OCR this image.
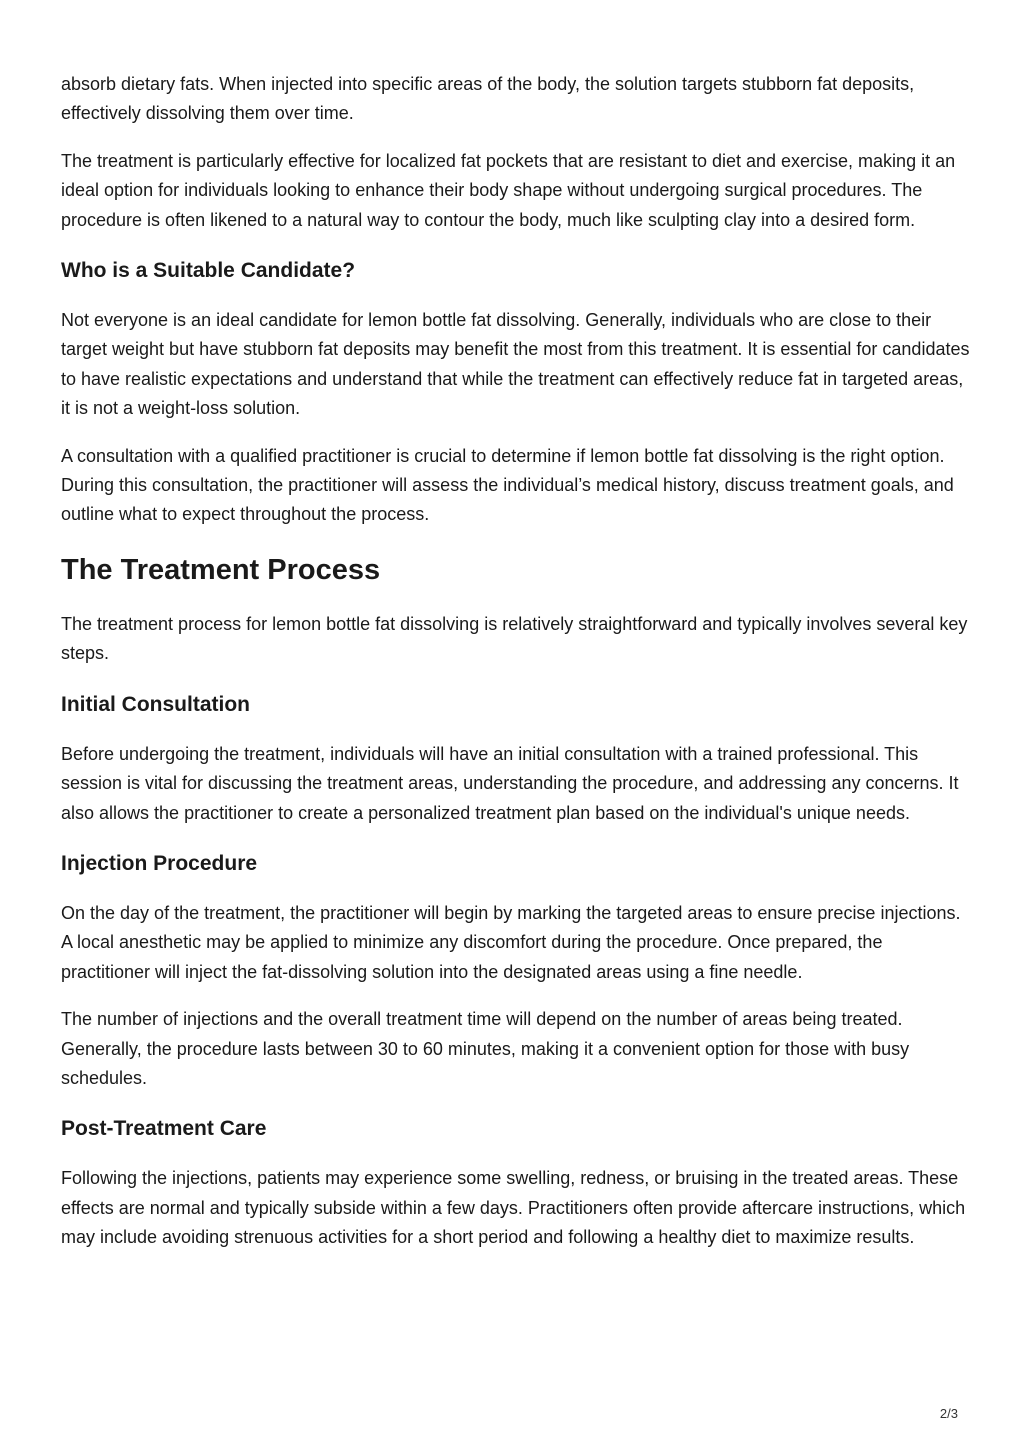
absorb dietary fats. When injected into specific areas of the body, the solution targets stubborn fat deposits, effectively dissolving them over time.

The treatment is particularly effective for localized fat pockets that are resistant to diet and exercise, making it an ideal option for individuals looking to enhance their body shape without undergoing surgical procedures. The procedure is often likened to a natural way to contour the body, much like sculpting clay into a desired form.

Who is a Suitable Candidate?

Not everyone is an ideal candidate for lemon bottle fat dissolving. Generally, individuals who are close to their target weight but have stubborn fat deposits may benefit the most from this treatment. It is essential for candidates to have realistic expectations and understand that while the treatment can effectively reduce fat in targeted areas, it is not a weight-loss solution.

A consultation with a qualified practitioner is crucial to determine if lemon bottle fat dissolving is the right option. During this consultation, the practitioner will assess the individual’s medical history, discuss treatment goals, and outline what to expect throughout the process.

The Treatment Process

The treatment process for lemon bottle fat dissolving is relatively straightforward and typically involves several key steps.

Initial Consultation

Before undergoing the treatment, individuals will have an initial consultation with a trained professional. This session is vital for discussing the treatment areas, understanding the procedure, and addressing any concerns. It also allows the practitioner to create a personalized treatment plan based on the individual's unique needs.

Injection Procedure

On the day of the treatment, the practitioner will begin by marking the targeted areas to ensure precise injections. A local anesthetic may be applied to minimize any discomfort during the procedure. Once prepared, the practitioner will inject the fat-dissolving solution into the designated areas using a fine needle.

The number of injections and the overall treatment time will depend on the number of areas being treated. Generally, the procedure lasts between 30 to 60 minutes, making it a convenient option for those with busy schedules.

Post-Treatment Care

Following the injections, patients may experience some swelling, redness, or bruising in the treated areas. These effects are normal and typically subside within a few days. Practitioners often provide aftercare instructions, which may include avoiding strenuous activities for a short period and following a healthy diet to maximize results.

2/3
